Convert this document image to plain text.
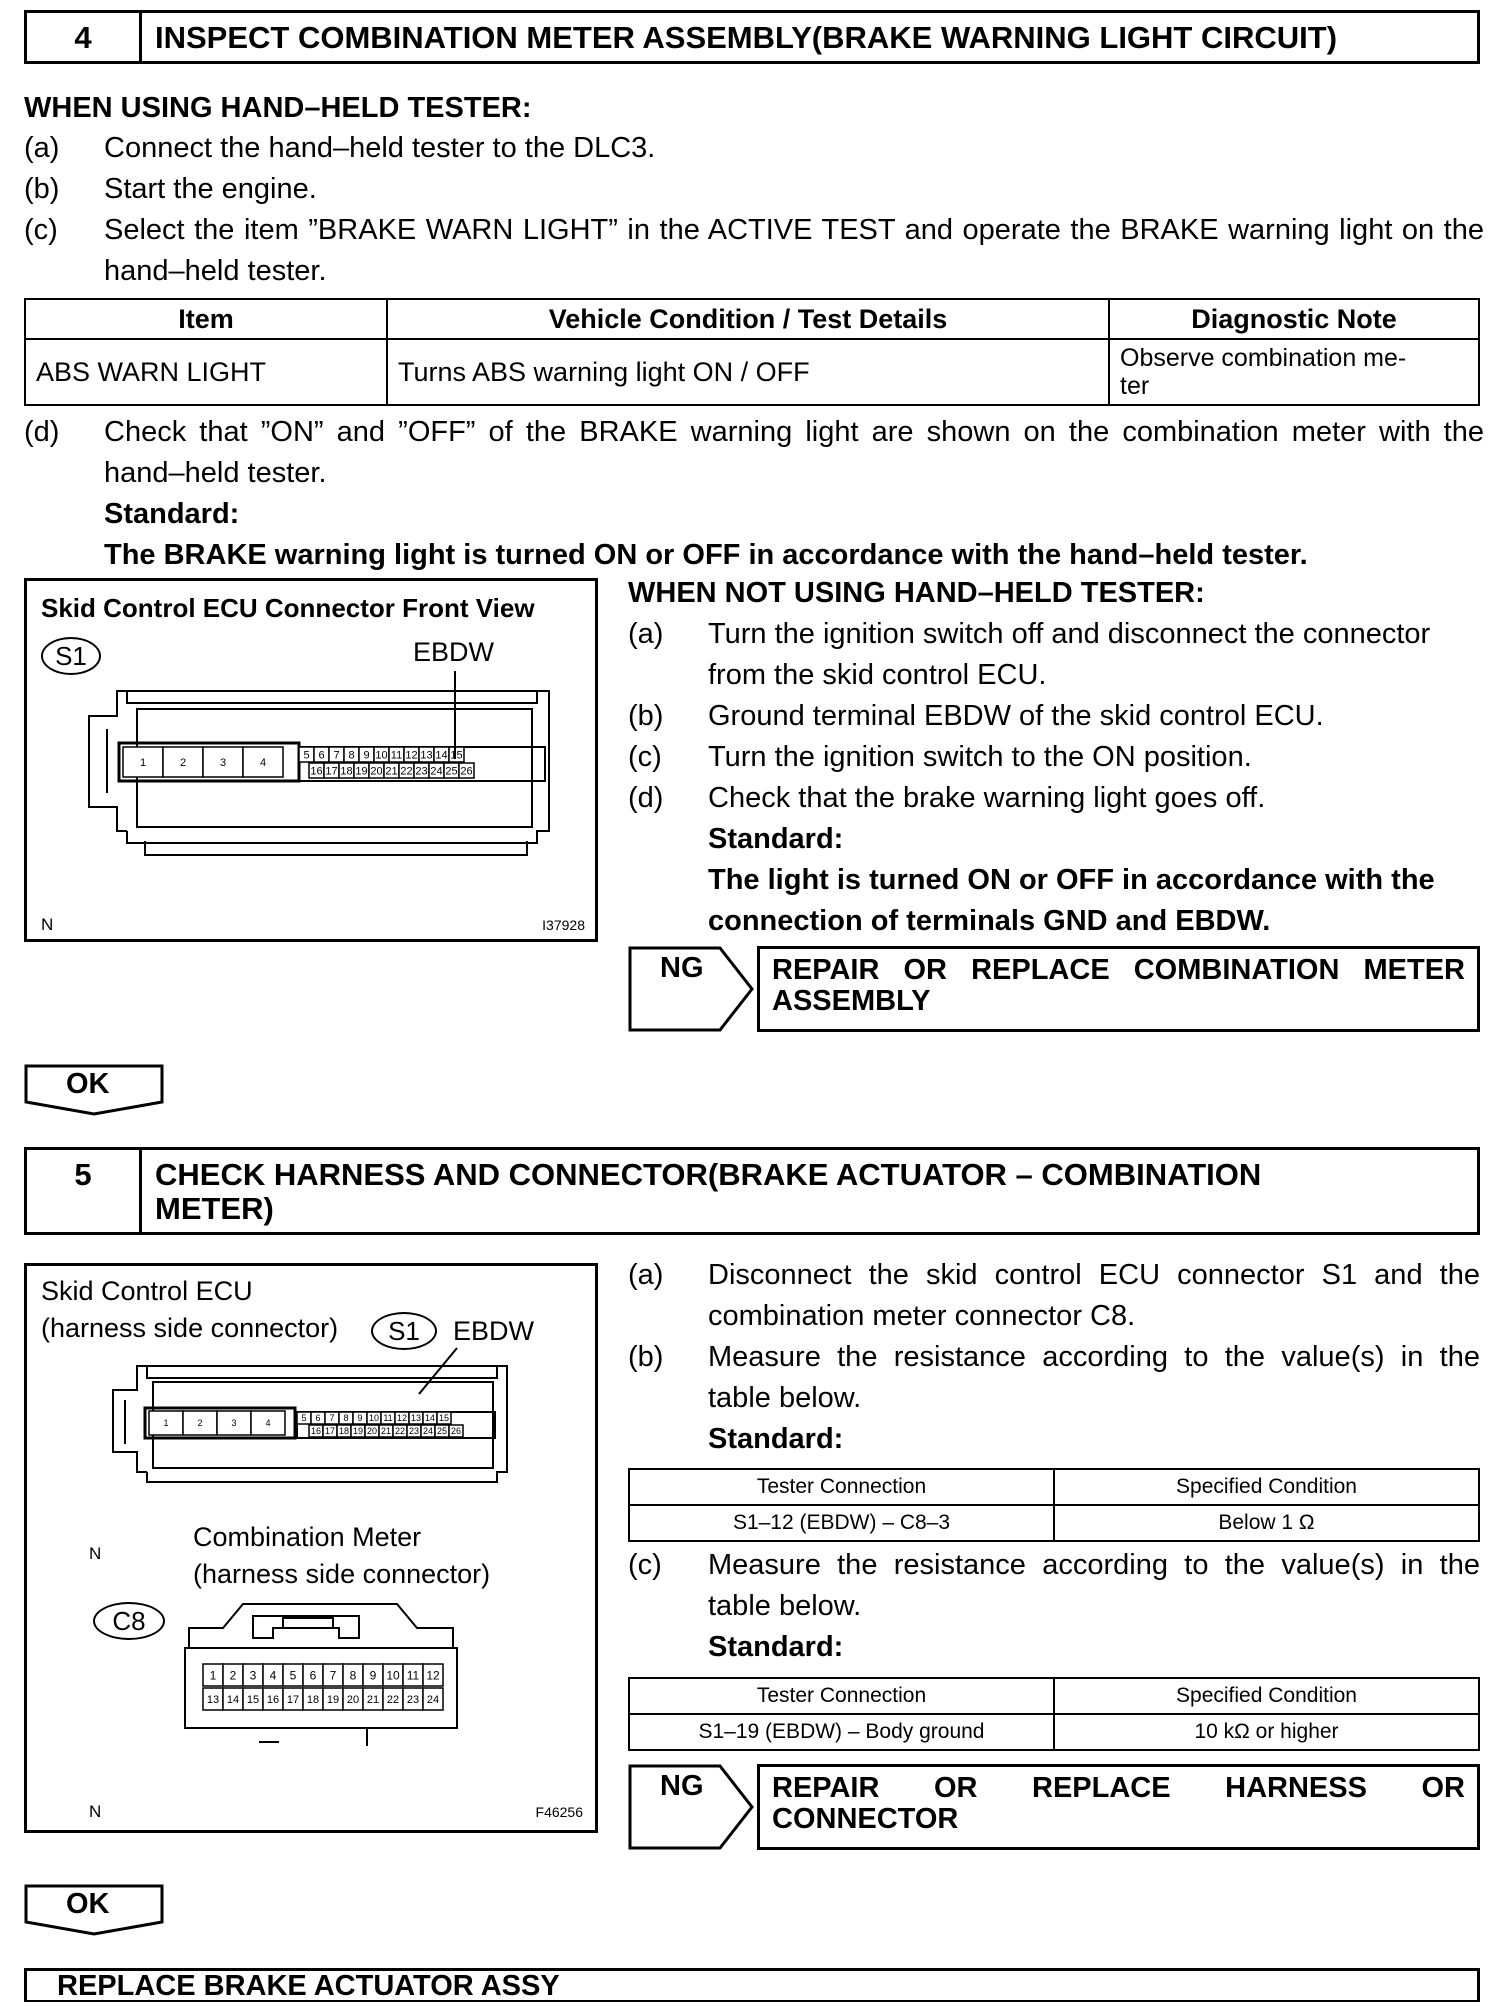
4	INSPECT COMBINATION METER ASSEMBLY(BRAKE WARNING LIGHT CIRCUIT)
WHEN USING HAND–HELD TESTER:
(a)	Connect the hand–held tester to the DLC3.
(b)	Start the engine.
(c)	Select the item ”BRAKE WARN LIGHT” in the ACTIVE TEST and operate the BRAKE warning light on the hand–held tester.
Item	Vehicle Condition / Test Details	Diagnostic Note
ABS WARN LIGHT	Turns ABS warning light ON / OFF	Observe combination me-
ter
(d)	Check that ”ON” and ”OFF” of the BRAKE warning light are shown on the combination meter with the hand–held tester.
Standard:
The BRAKE warning light is turned ON or OFF in accordance with the hand–held tester.
Skid Control ECU Connector Front View
S1	EBDW
1	2	3	4
5 6 7 8 9 10 11 12 13 14 15
16 17 18 19 20 21 22 23 24 25 26
N	I37928
WHEN NOT USING HAND–HELD TESTER:
(a)	Turn the ignition switch off and disconnect the connector from the skid control ECU.
(b)	Ground terminal EBDW of the skid control ECU.
(c)	Turn the ignition switch to the ON position.
(d)	Check that the brake warning light goes off.
Standard:
The light is turned ON or OFF in accordance with the connection of terminals GND and EBDW.
NG REPAIR OR REPLACE COMBINATION METER ASSEMBLY
OK
5	CHECK HARNESS AND CONNECTOR(BRAKE ACTUATOR – COMBINATION METER)
Skid Control ECU
(harness side connector)	S1	EBDW
Combination Meter
(harness side connector)
C8
N
N	F46256
1	2	3	4	5 6 7 8 9 10 11 12 13 14 15
16 17 18 19 20 21 22 23 24 25 26
1 2 3 4 5 6 7 8 9 10 11 12
13 14 15 16 17 18 19 20 21 22 23 24
(a)	Disconnect the skid control ECU connector S1 and the combination meter connector C8.
(b)	Measure the resistance according to the value(s) in the table below.
Standard:
Tester Connection	Specified Condition
S1–12 (EBDW) – C8–3	Below 1 Ω
(c)	Measure the resistance according to the value(s) in the table below.
Standard:
Tester Connection	Specified Condition
S1–19 (EBDW) – Body ground	10 kΩ or higher
NG REPAIR OR REPLACE HARNESS OR CONNECTOR
OK
REPLACE BRAKE ACTUATOR ASSY
